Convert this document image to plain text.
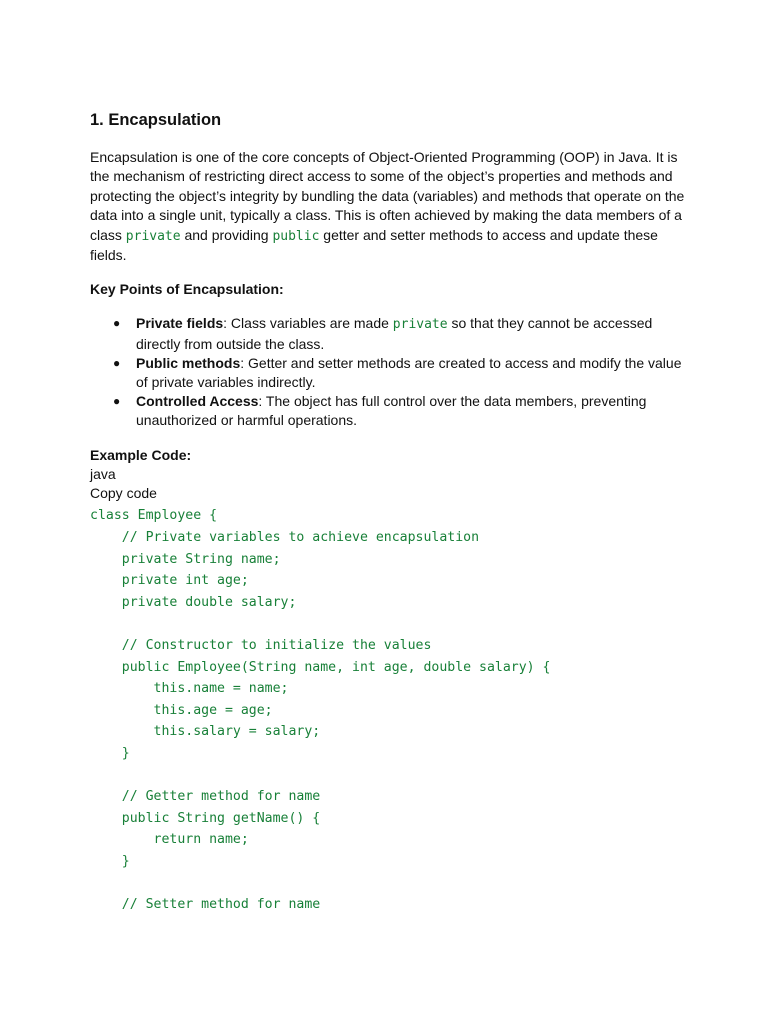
1. Encapsulation

Encapsulation is one of the core concepts of Object-Oriented Programming (OOP) in Java. It is the mechanism of restricting direct access to some of the object’s properties and methods and protecting the object’s integrity by bundling the data (variables) and methods that operate on the data into a single unit, typically a class. This is often achieved by making the data members of a class private and providing public getter and setter methods to access and update these fields.

Key Points of Encapsulation:

● Private fields: Class variables are made private so that they cannot be accessed directly from outside the class.
● Public methods: Getter and setter methods are created to access and modify the value of private variables indirectly.
● Controlled Access: The object has full control over the data members, preventing unauthorized or harmful operations.

Example Code:

java

Copy code

class Employee {
// Private variables to achieve encapsulation
private String name;
private int age;
private double salary;
// Constructor to initialize the values
public Employee(String name, int age, double salary) {
this.name = name;
this.age = age;
this.salary = salary;
}
// Getter method for name
public String getName() {
return name;
}
// Setter method for name
